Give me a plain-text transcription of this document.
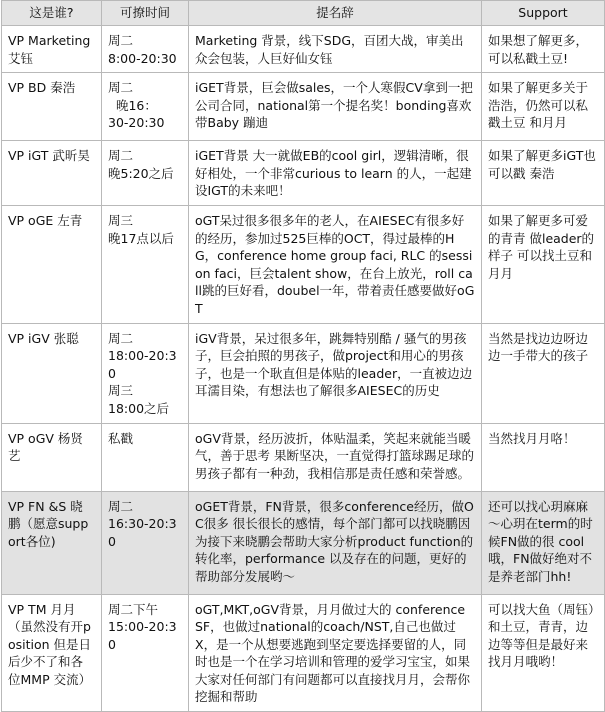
这是谁?	可撩时间	提名辞	Support
VP Marketing 艾钰	周二
8:00-20:30	Marketing 背景，线下SDG，百团大战，审美出众会包装，人巨好仙女钰	如果想了解更多，可以私戳土豆!
VP BD 秦浩	周二
晚16：
30-20:30	iGET背景，巨会做sales，一个人寒假CV拿到一把公司合同，national第一个提名奖！bonding喜欢带Baby 蹦迪	如果了解更多关于浩浩，仍然可以私戳土豆 和月月
VP iGT 武昕昊	周二
晚5:20之后	iGET背景 大一就做EB的cool girl，逻辑清晰，很好相处，一个非常curious to learn 的人，一起建设IGT的未来吧！	如果了解更多iGT也可以戳 秦浩
VP oGE 左青	周三
晚17点以后	oGT呆过很多很多年的老人，在AIESEC有很多好的经历，参加过525巨棒的OCT，得过最棒的HG，conference home group faci, RLC 的session faci，巨会talent show，在台上放光，roll call跳的巨好看，doubel一年，带着责任感要做好oGT	如果了解更多可爱的青青 做leader的样子 可以找土豆和月月
VP iGV 张聪	周二
18:00-20:30
周三
18:00之后	iGV背景，呆过很多年，跳舞特别酷 / 骚气的男孩子，巨会拍照的男孩子，做project和用心的男孩子，也是一个耿直但是体贴的leader，一直被边边耳濡目染，有想法也了解很多AIESEC的历史	当然是找边边呀边边一手带大的孩子
VP oGV 杨贤艺	私戳	oGV背景，经历波折，体贴温柔，笑起来就能当暖气，善于思考 果断坚决，一直觉得打篮球踢足球的男孩子都有一种劲，我相信那是责任感和荣誉感。	当然找月月咯！
VP FN &S 晓鹏（愿意support各位)	周二
16:30-20:30	oGET背景，FN背景，很多conference经历，做OC很多 很长很长的感情，每个部门都可以找晓鹏因为接下来晓鹏会帮助大家分析product function的转化率，performance 以及存在的问题，更好的帮助部分发展哟～	还可以找心玥麻麻～心玥在term的时候FN做的很 cool 哦，FN做好绝对不是养老部门hh!
VP TM 月月（虽然没有开position 但是日后少不了和各位MMP 交流）	周二下午
15:00-20:30	oGT,MKT,oGV背景，月月做过大的 conference SF，也做过national的coach/NST,自己也做过X，是一个从想要逃跑到坚定要选择要留的人，同时也是一个在学习培训和管理的爱学习宝宝，如果大家对任何部门有问题都可以直接找月月，会帮你挖掘和帮助	可以找大鱼（周钰）和土豆，青青，边边等等但是最好来找月月哦哟！
